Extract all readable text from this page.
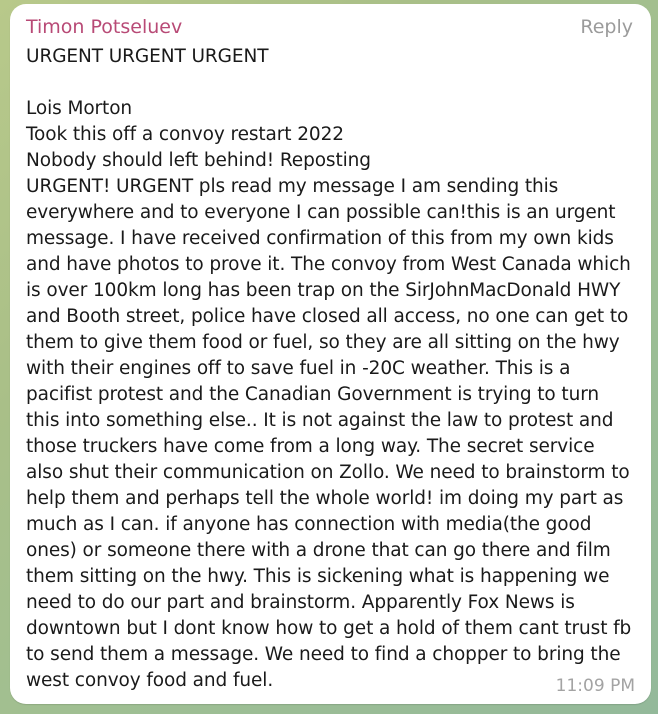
Timon Potseluev	Reply

URGENT URGENT URGENT

Lois Morton
Took this off a convoy restart 2022
Nobody should left behind! Reposting
URGENT! URGENT pls read my message I am sending this everywhere and to everyone I can possible can!this is an urgent message. I have received confirmation of this from my own kids and have photos to prove it. The convoy from West Canada which is over 100km long has been trap on the SirJohnMacDonald HWY and Booth street, police have closed all access, no one can get to them to give them food or fuel, so they are all sitting on the hwy with their engines off to save fuel in -20C weather. This is a pacifist protest and the Canadian Government is trying to turn this into something else.. It is not against the law to protest and those truckers have come from a long way. The secret service also shut their communication on Zollo. We need to brainstorm to help them and perhaps tell the whole world! im doing my part as much as I can. if anyone has connection with media(the good ones) or someone there with a drone that can go there and film them sitting on the hwy. This is sickening what is happening we need to do our part and brainstorm. Apparently Fox News is downtown but I dont know how to get a hold of them cant trust fb to send them a message. We need to find a chopper to bring the west convoy food and fuel.	11:09 PM
